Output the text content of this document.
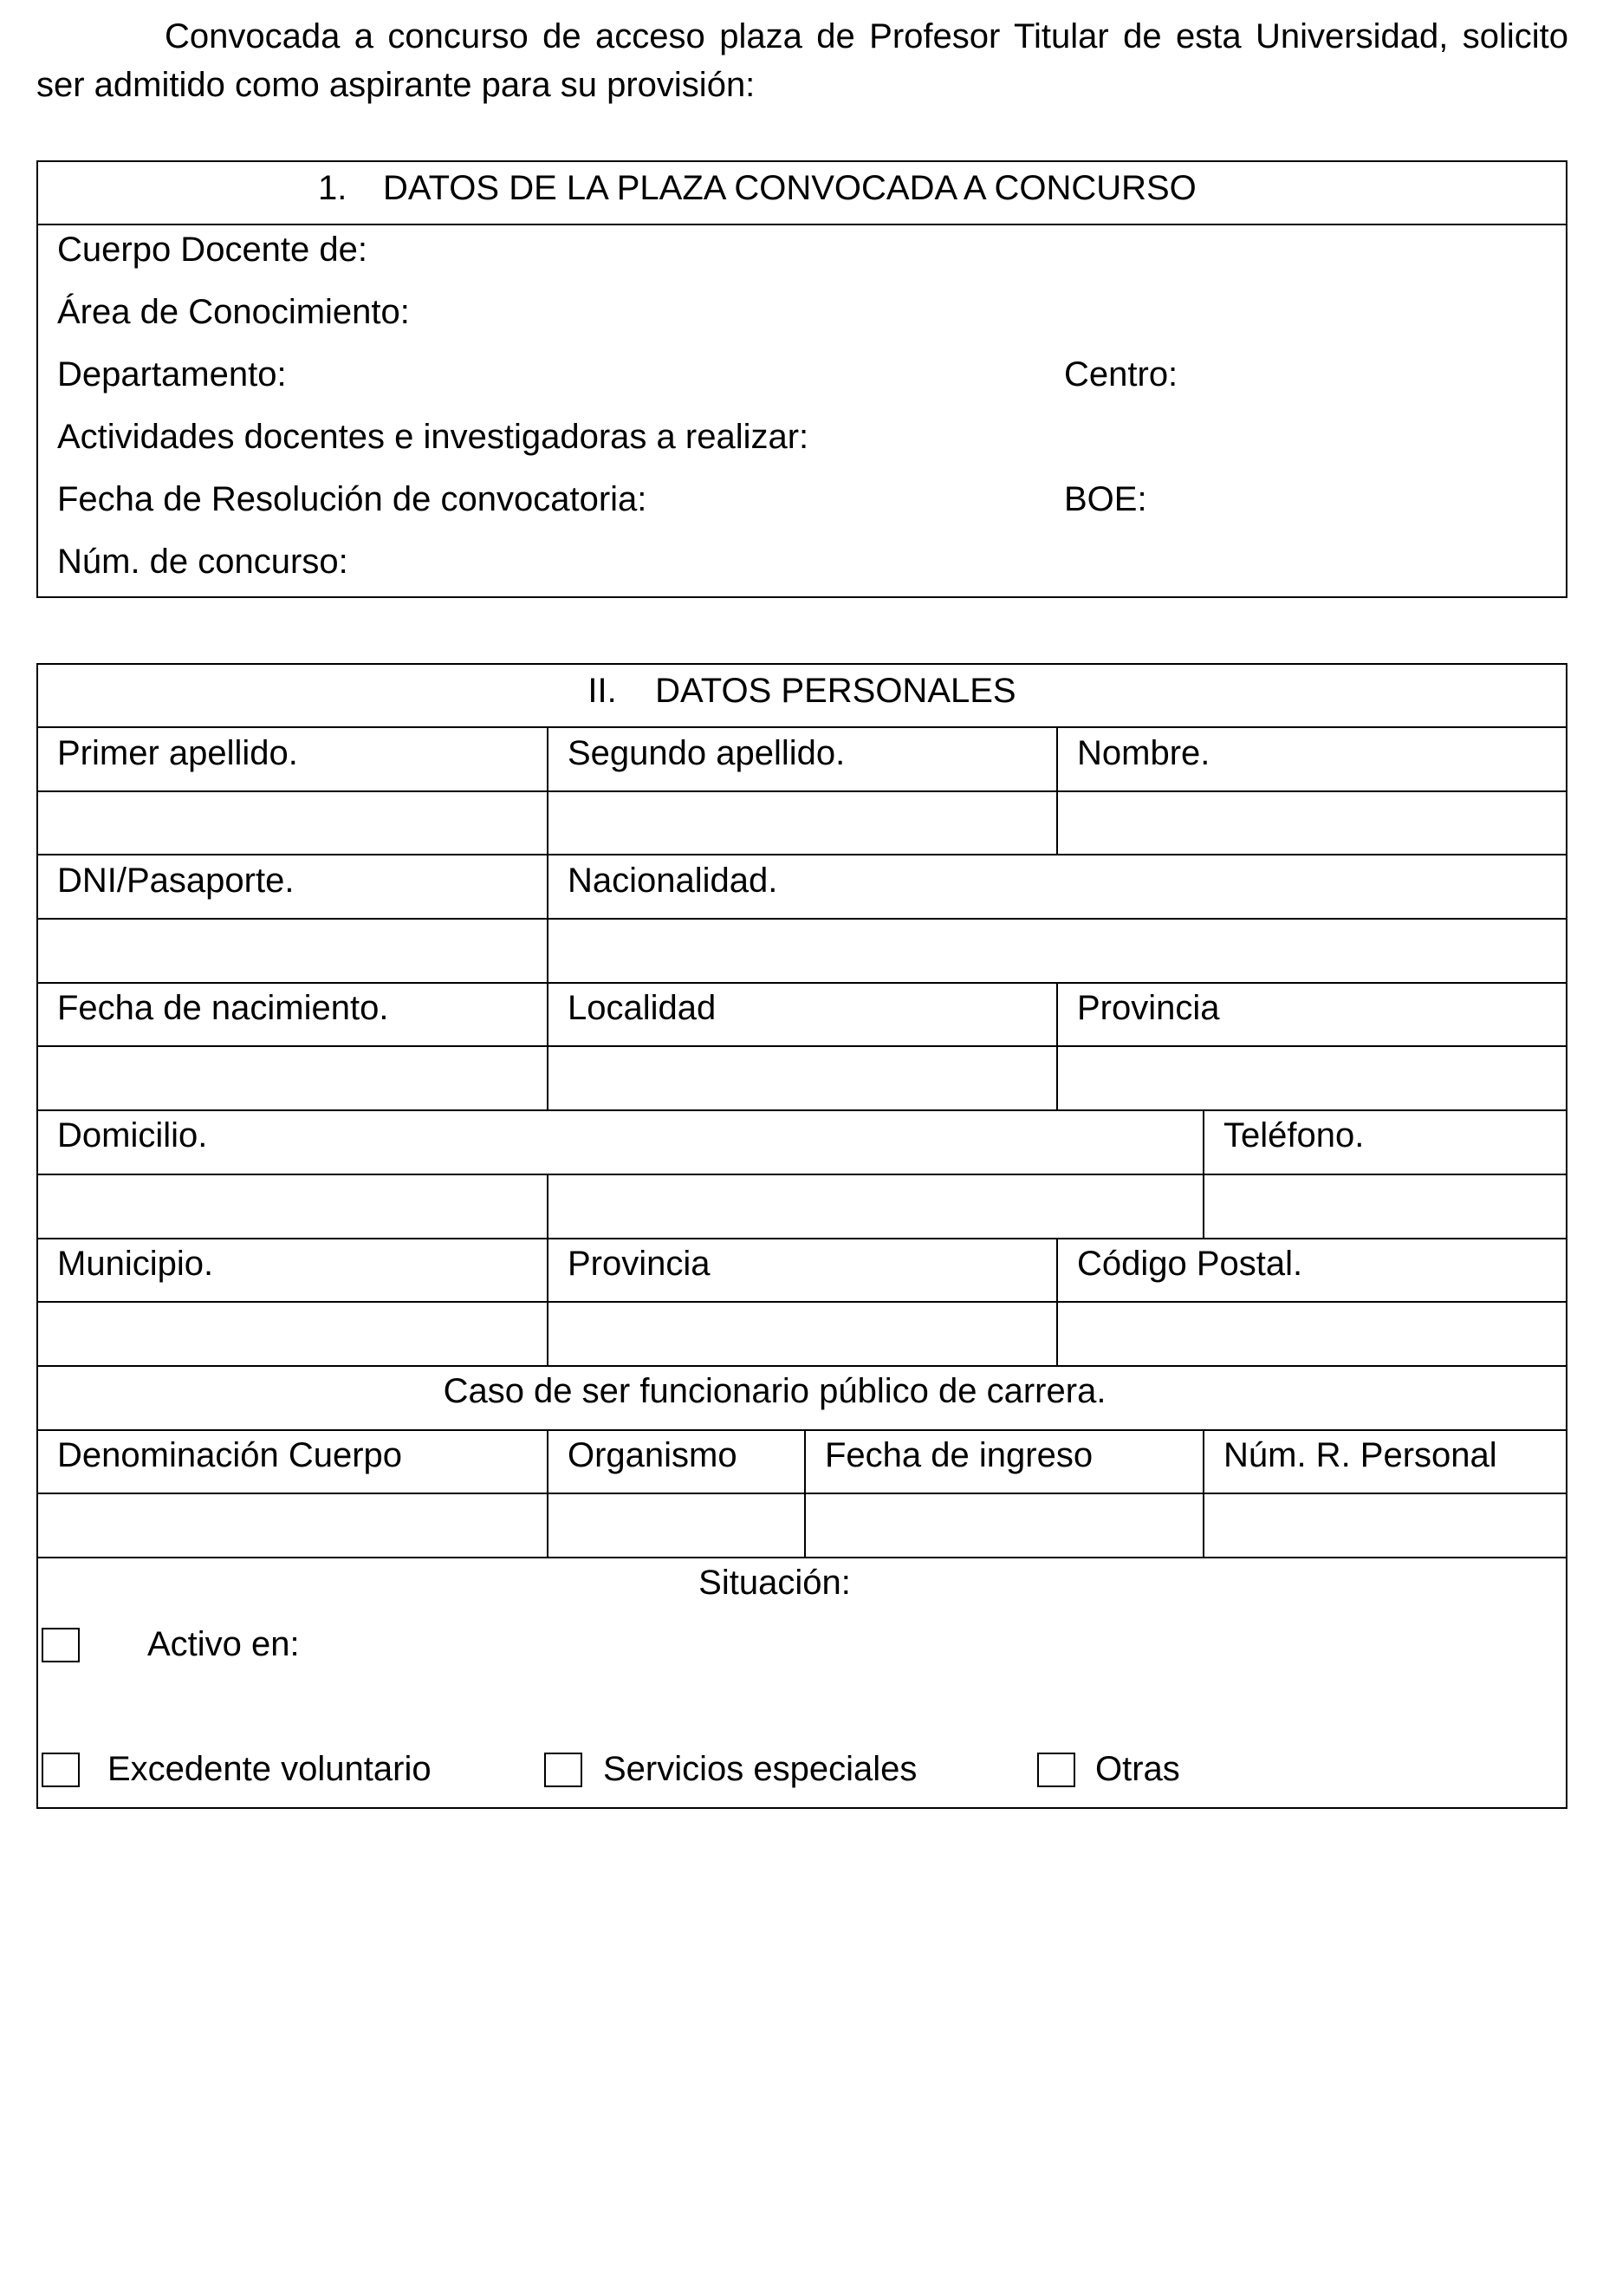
Convocada a concurso de acceso plaza de Profesor Titular de esta Universidad, solicito ser admitido como aspirante para su provisión:

1. DATOS DE LA PLAZA CONVOCADA A CONCURSO
Cuerpo Docente de:
Área de Conocimiento:
Departamento:	Centro:
Actividades docentes e investigadoras a realizar:
Fecha de Resolución de convocatoria:	BOE:
Núm. de concurso:
II. DATOS PERSONALES
Primer apellido.	Segundo apellido.	Nombre.
DNI/Pasaporte.	Nacionalidad.
Fecha de nacimiento.	Localidad	Provincia
Domicilio.	Teléfono.
Municipio.	Provincia	Código Postal.
Caso de ser funcionario público de carrera.
Denominación Cuerpo	Organismo	Fecha de ingreso	Núm. R. Personal
Situación:
Activo en:
Excedente voluntario	Servicios especiales	Otras
